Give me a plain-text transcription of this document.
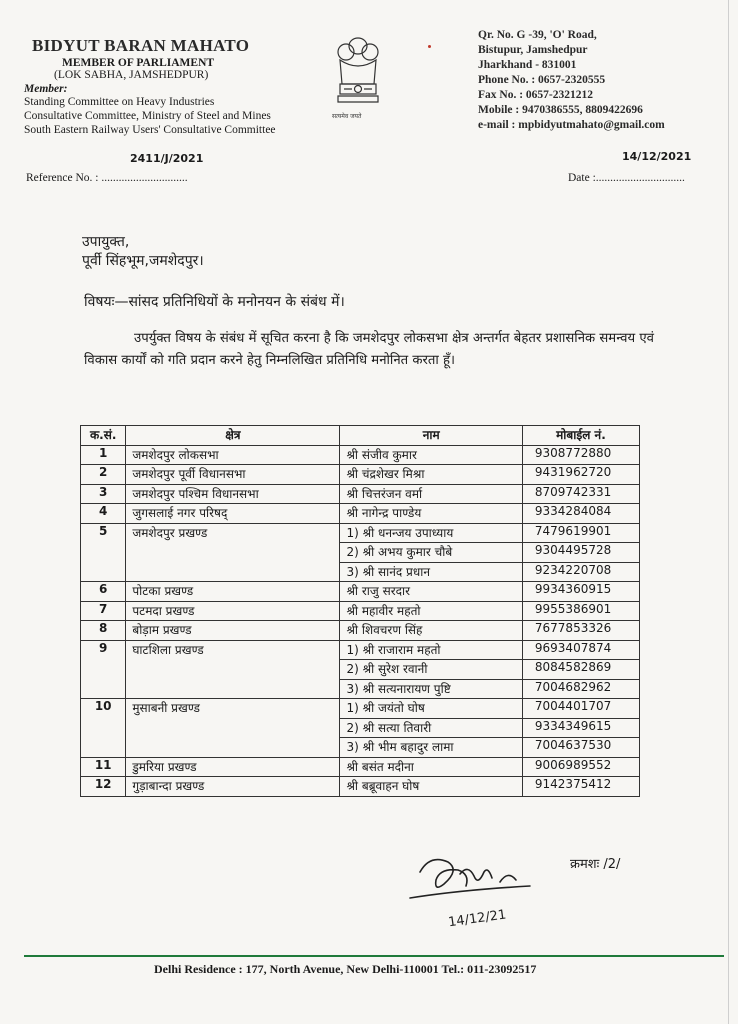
BIDYUT BARAN MAHATO
MEMBER OF PARLIAMENT
(LOK SABHA, JAMSHEDPUR)
Member:
Standing Committee on Heavy Industries
Consultative Committee, Ministry of Steel and Mines
South Eastern Railway Users' Consultative Committee
2411/J/2021
Reference No. : ..............................
सत्यमेव जयते
Qr. No. G -39, 'O' Road,
Bistupur, Jamshedpur
Jharkhand - 831001
Phone No. : 0657-2320555
Fax No. : 0657-2321212
Mobile : 9470386555, 8809422696
e-mail : mpbidyutmahato@gmail.com
14/12/2021
Date :...............................
उपायुक्त,
पूर्वी सिंहभूम,जमशेदपुर।
विषयः—सांसद प्रतिनिधियों के मनोनयन के संबंध में।
उपर्युक्त विषय के संबंध में सूचित करना है कि जमशेदपुर लोकसभा क्षेत्र अन्तर्गत बेहतर प्रशासनिक समन्वय एवं विकास कार्यों को गति प्रदान करने हेतु निम्नलिखित प्रतिनिधि मनोनित करता हूँ।
क.सं.	क्षेत्र	नाम	मोबाईल नं.
1	जमशेदपुर लोकसभा	श्री संजीव कुमार	9308772880
2	जमशेदपुर पूर्वी विधानसभा	श्री चंद्रशेखर मिश्रा	9431962720
3	जमशेदपुर पश्चिम विधानसभा	श्री चित्तरंजन वर्मा	8709742331
4	जुगसलाई नगर परिषद्	श्री नागेन्द्र पाण्डेय	9334284084
5	जमशेदपुर प्रखण्ड	1) श्री धनन्जय उपाध्याय	7479619901
		2) श्री अभय कुमार चौबे	9304495728
		3) श्री सानंद प्रधान	9234220708
6	पोटका प्रखण्ड	श्री राजु सरदार	9934360915
7	पटमदा प्रखण्ड	श्री महावीर महतो	9955386901
8	बोड़ाम प्रखण्ड	श्री शिवचरण सिंह	7677853326
9	घाटशिला प्रखण्ड	1) श्री राजाराम महतो	9693407874
		2) श्री सुरेश रवानी	8084582869
		3) श्री सत्यनारायण पुष्टि	7004682962
10	मुसाबनी प्रखण्ड	1) श्री जयंतो घोष	7004401707
		2) श्री सत्या तिवारी	9334349615
		3) श्री भीम बहादुर लामा	7004637530
11	डुमरिया प्रखण्ड	श्री बसंत मदीना	9006989552
12	गुड़ाबान्दा प्रखण्ड	श्री बब्रूवाहन घोष	9142375412
14/12/21
क्रमशः /2/
Delhi Residence : 177, North Avenue, New Delhi-110001 Tel.: 011-23092517
